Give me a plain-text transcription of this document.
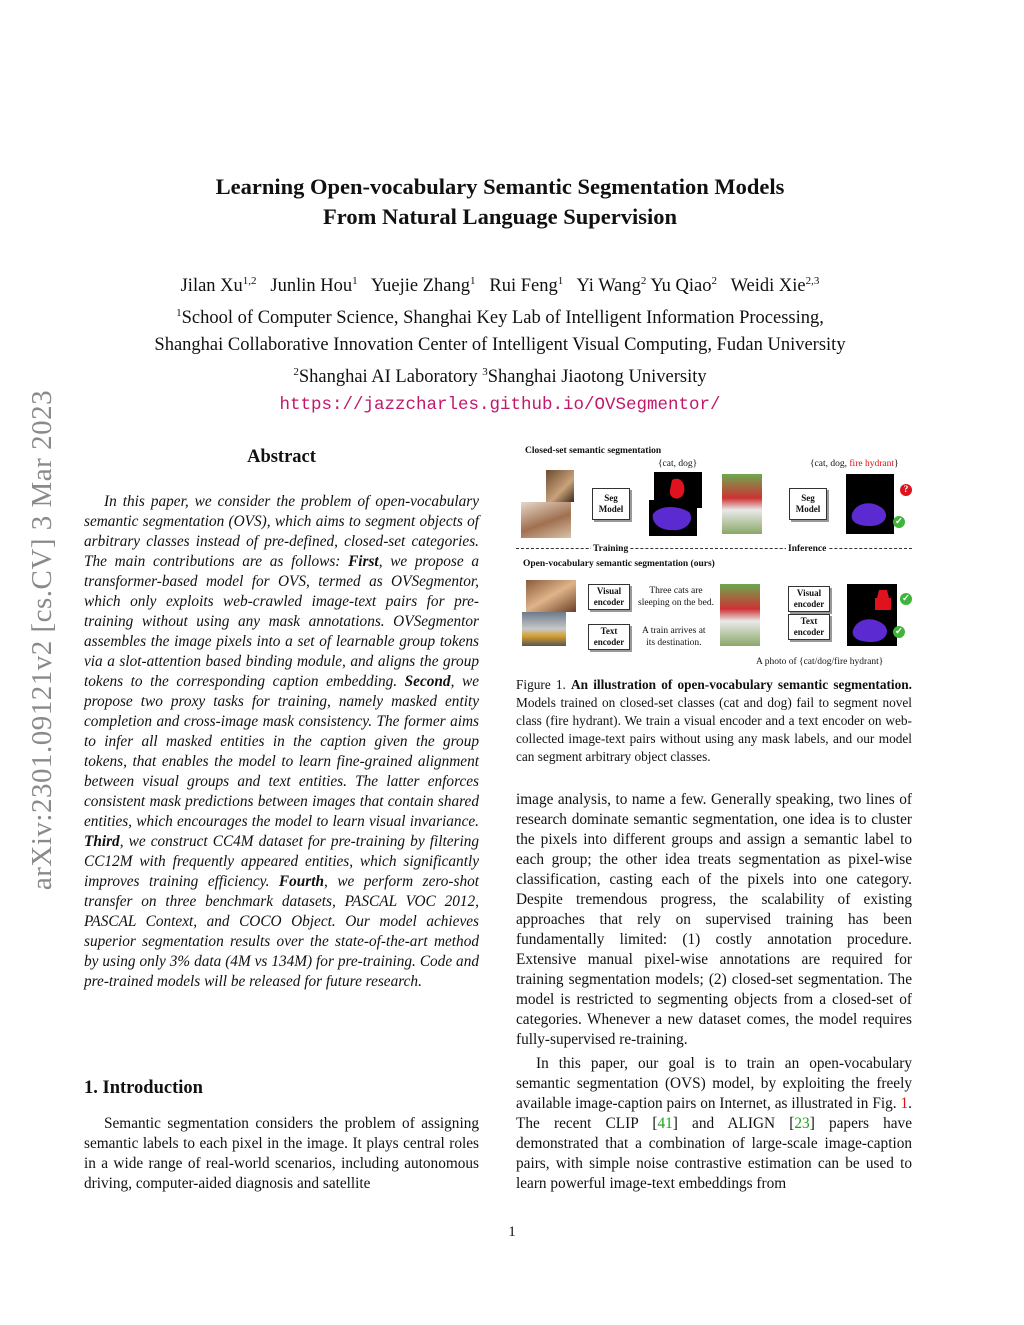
arXiv:2301.09121v2 [cs.CV] 3 Mar 2023
Learning Open-vocabulary Semantic Segmentation Models
From Natural Language Supervision
Jilan Xu$^{1,2}$ Junlin Hou$^1$ Yuejie Zhang$^1$ Rui Feng$^1$ Yi Wang$^2$ Yu Qiao$^2$ Weidi Xie$^{2,3}$
$^1$School of Computer Science, Shanghai Key Lab of Intelligent Information Processing,
Shanghai Collaborative Innovation Center of Intelligent Visual Computing, Fudan University
$^2$Shanghai AI Laboratory $^3$Shanghai Jiaotong University
https://jazzcharles.github.io/OVSegmentor/
Abstract

In this paper, we consider the problem of open-vocabulary semantic segmentation (OVS), which aims to segment objects of arbitrary classes instead of pre-defined, closed-set categories. The main contributions are as follows: First, we propose a transformer-based model for OVS, termed as OVSegmentor, which only exploits web-crawled image-text pairs for pre-training without using any mask annotations. OVSegmentor assembles the image pixels into a set of learnable group tokens via a slot-attention based binding module, and aligns the group tokens to the corresponding caption embedding. Second, we propose two proxy tasks for training, namely masked entity completion and cross-image mask consistency. The former aims to infer all masked entities in the caption given the group tokens, that enables the model to learn fine-grained alignment between visual groups and text entities. The latter enforces consistent mask predictions between images that contain shared entities, which encourages the model to learn visual invariance. Third, we construct CC4M dataset for pre-training by filtering CC12M with frequently appeared entities, which significantly improves training efficiency. Fourth, we perform zero-shot transfer on three benchmark datasets, PASCAL VOC 2012, PASCAL Context, and COCO Object. Our model achieves superior segmentation results over the state-of-the-art method by using only 3% data (4M vs 134M) for pre-training. Code and pre-trained models will be released for future research.

1. Introduction

Semantic segmentation considers the problem of assigning semantic labels to each pixel in the image. It plays central roles in a wide range of real-world scenarios, including autonomous driving, computer-aided diagnosis and satellite

Closed-set semantic segmentation
{cat, dog}	{cat, dog, fire hydrant}
Seg
Model
Seg
Model
?
✓
Training	Inference
Open-vocabulary semantic segmentation (ours)
Visual
encoder
Text
encoder
Three cats are
sleeping on the bed.
A train arrives at
its destination.
Visual
encoder
Text
encoder
✓
✓
A photo of {cat/dog/fire hydrant}
Figure 1. An illustration of open-vocabulary semantic segmentation. Models trained on closed-set classes (cat and dog) fail to segment novel class (fire hydrant). We train a visual encoder and a text encoder on web-collected image-text pairs without using any mask labels, and our model can segment arbitrary object classes.

image analysis, to name a few. Generally speaking, two lines of research dominate semantic segmentation, one idea is to cluster the pixels into different groups and assign a semantic label to each group; the other idea treats segmentation as pixel-wise classification, casting each of the pixels into one category. Despite tremendous progress, the scalability of existing approaches that rely on supervised training has been fundamentally limited: (1) costly annotation procedure. Extensive manual pixel-wise annotations are required for training segmentation models; (2) closed-set segmentation. The model is restricted to segmenting objects from a closed-set of categories. Whenever a new dataset comes, the model requires fully-supervised re-training.

In this paper, our goal is to train an open-vocabulary semantic segmentation (OVS) model, by exploiting the freely available image-caption pairs on Internet, as illustrated in Fig. 1. The recent CLIP [41] and ALIGN [23] papers have demonstrated that a combination of large-scale image-caption pairs, with simple noise contrastive estimation can be used to learn powerful image-text embeddings from

1
